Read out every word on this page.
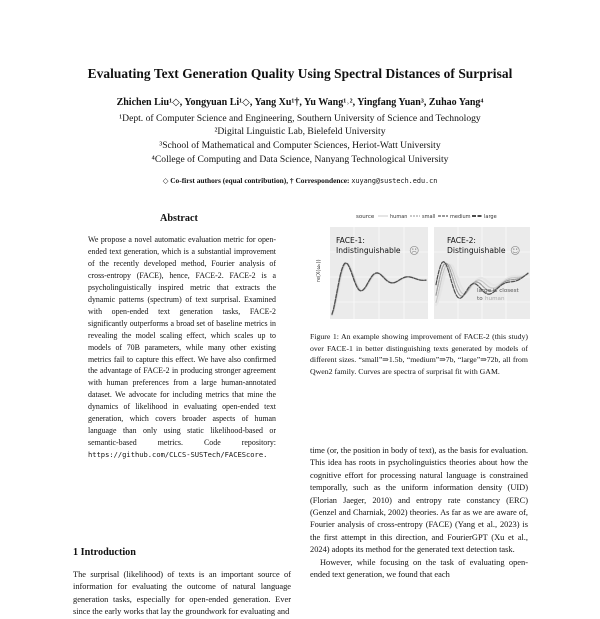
Evaluating Text Generation Quality Using Spectral Distances of Surprisal
Zhichen Liu¹◇, Yongyuan Li¹◇, Yang Xu¹†, Yu Wang¹˒², Yingfang Yuan³, Zuhao Yang⁴
¹Dept. of Computer Science and Engineering, Southern University of Science and Technology
²Digital Linguistic Lab, Bielefeld University
³School of Mathematical and Computer Sciences, Heriot-Watt University
⁴College of Computing and Data Science, Nanyang Technological University
◇ Co-first authors (equal contribution), † Correspondence: xuyang@sustech.edu.cn
Abstract
We propose a novel automatic evaluation metric for open-ended text generation, which is a substantial improvement of the recently developed method, Fourier analysis of cross-entropy (FACE), hence, FACE-2. FACE-2 is a psycholinguistically inspired metric that extracts the dynamic patterns (spectrum) of text surprisal. Examined with open-ended text generation tasks, FACE-2 significantly outperforms a broad set of baseline metrics in revealing the model scaling effect, which scales up to models of 70B parameters, while many other existing metrics fail to capture this effect. We have also confirmed the advantage of FACE-2 in producing stronger agreement with human preferences from a large human-annotated dataset. We advocate for including metrics that mine the dynamics of likelihood in evaluating open-ended text generation, which covers broader aspects of human language than only using static likelihood-based or semantic-based metrics. Code repository: https://github.com/CLCS-SUSTech/FACEScore.
1 Introduction
The surprisal (likelihood) of texts is an important source of information for evaluating the outcome of natural language generation tasks, especially for open-ended generation. Ever since the early works that lay the groundwork for evaluating and
source	human	small	medium	large
re(X(ωₖ))
FACE-1:
Indistinguishable ☹
FACE-2:
Distinguishable ☺
large is closest
to human
Figure 1: An example showing improvement of FACE-2 (this study) over FACE-1 in better distinguishing texts generated by models of different sizes. “small”⇒1.5b, “medium”⇒7b, “large”⇒72b, all from Qwen2 family. Curves are spectra of surprisal fit with GAM.
time (or, the position in body of text), as the basis for evaluation. This idea has roots in psycholinguistics theories about how the cognitive effort for processing natural language is constrained temporally, such as the uniform information density (UID) (Florian Jaeger, 2010) and entropy rate constancy (ERC) (Genzel and Charniak, 2002) theories. As far as we are aware of, Fourier analysis of cross-entropy (FACE) (Yang et al., 2023) is the first attempt in this direction, and FourierGPT (Xu et al., 2024) adopts its method for the generated text detection task.
However, while focusing on the task of evaluating open-ended text generation, we found that each
